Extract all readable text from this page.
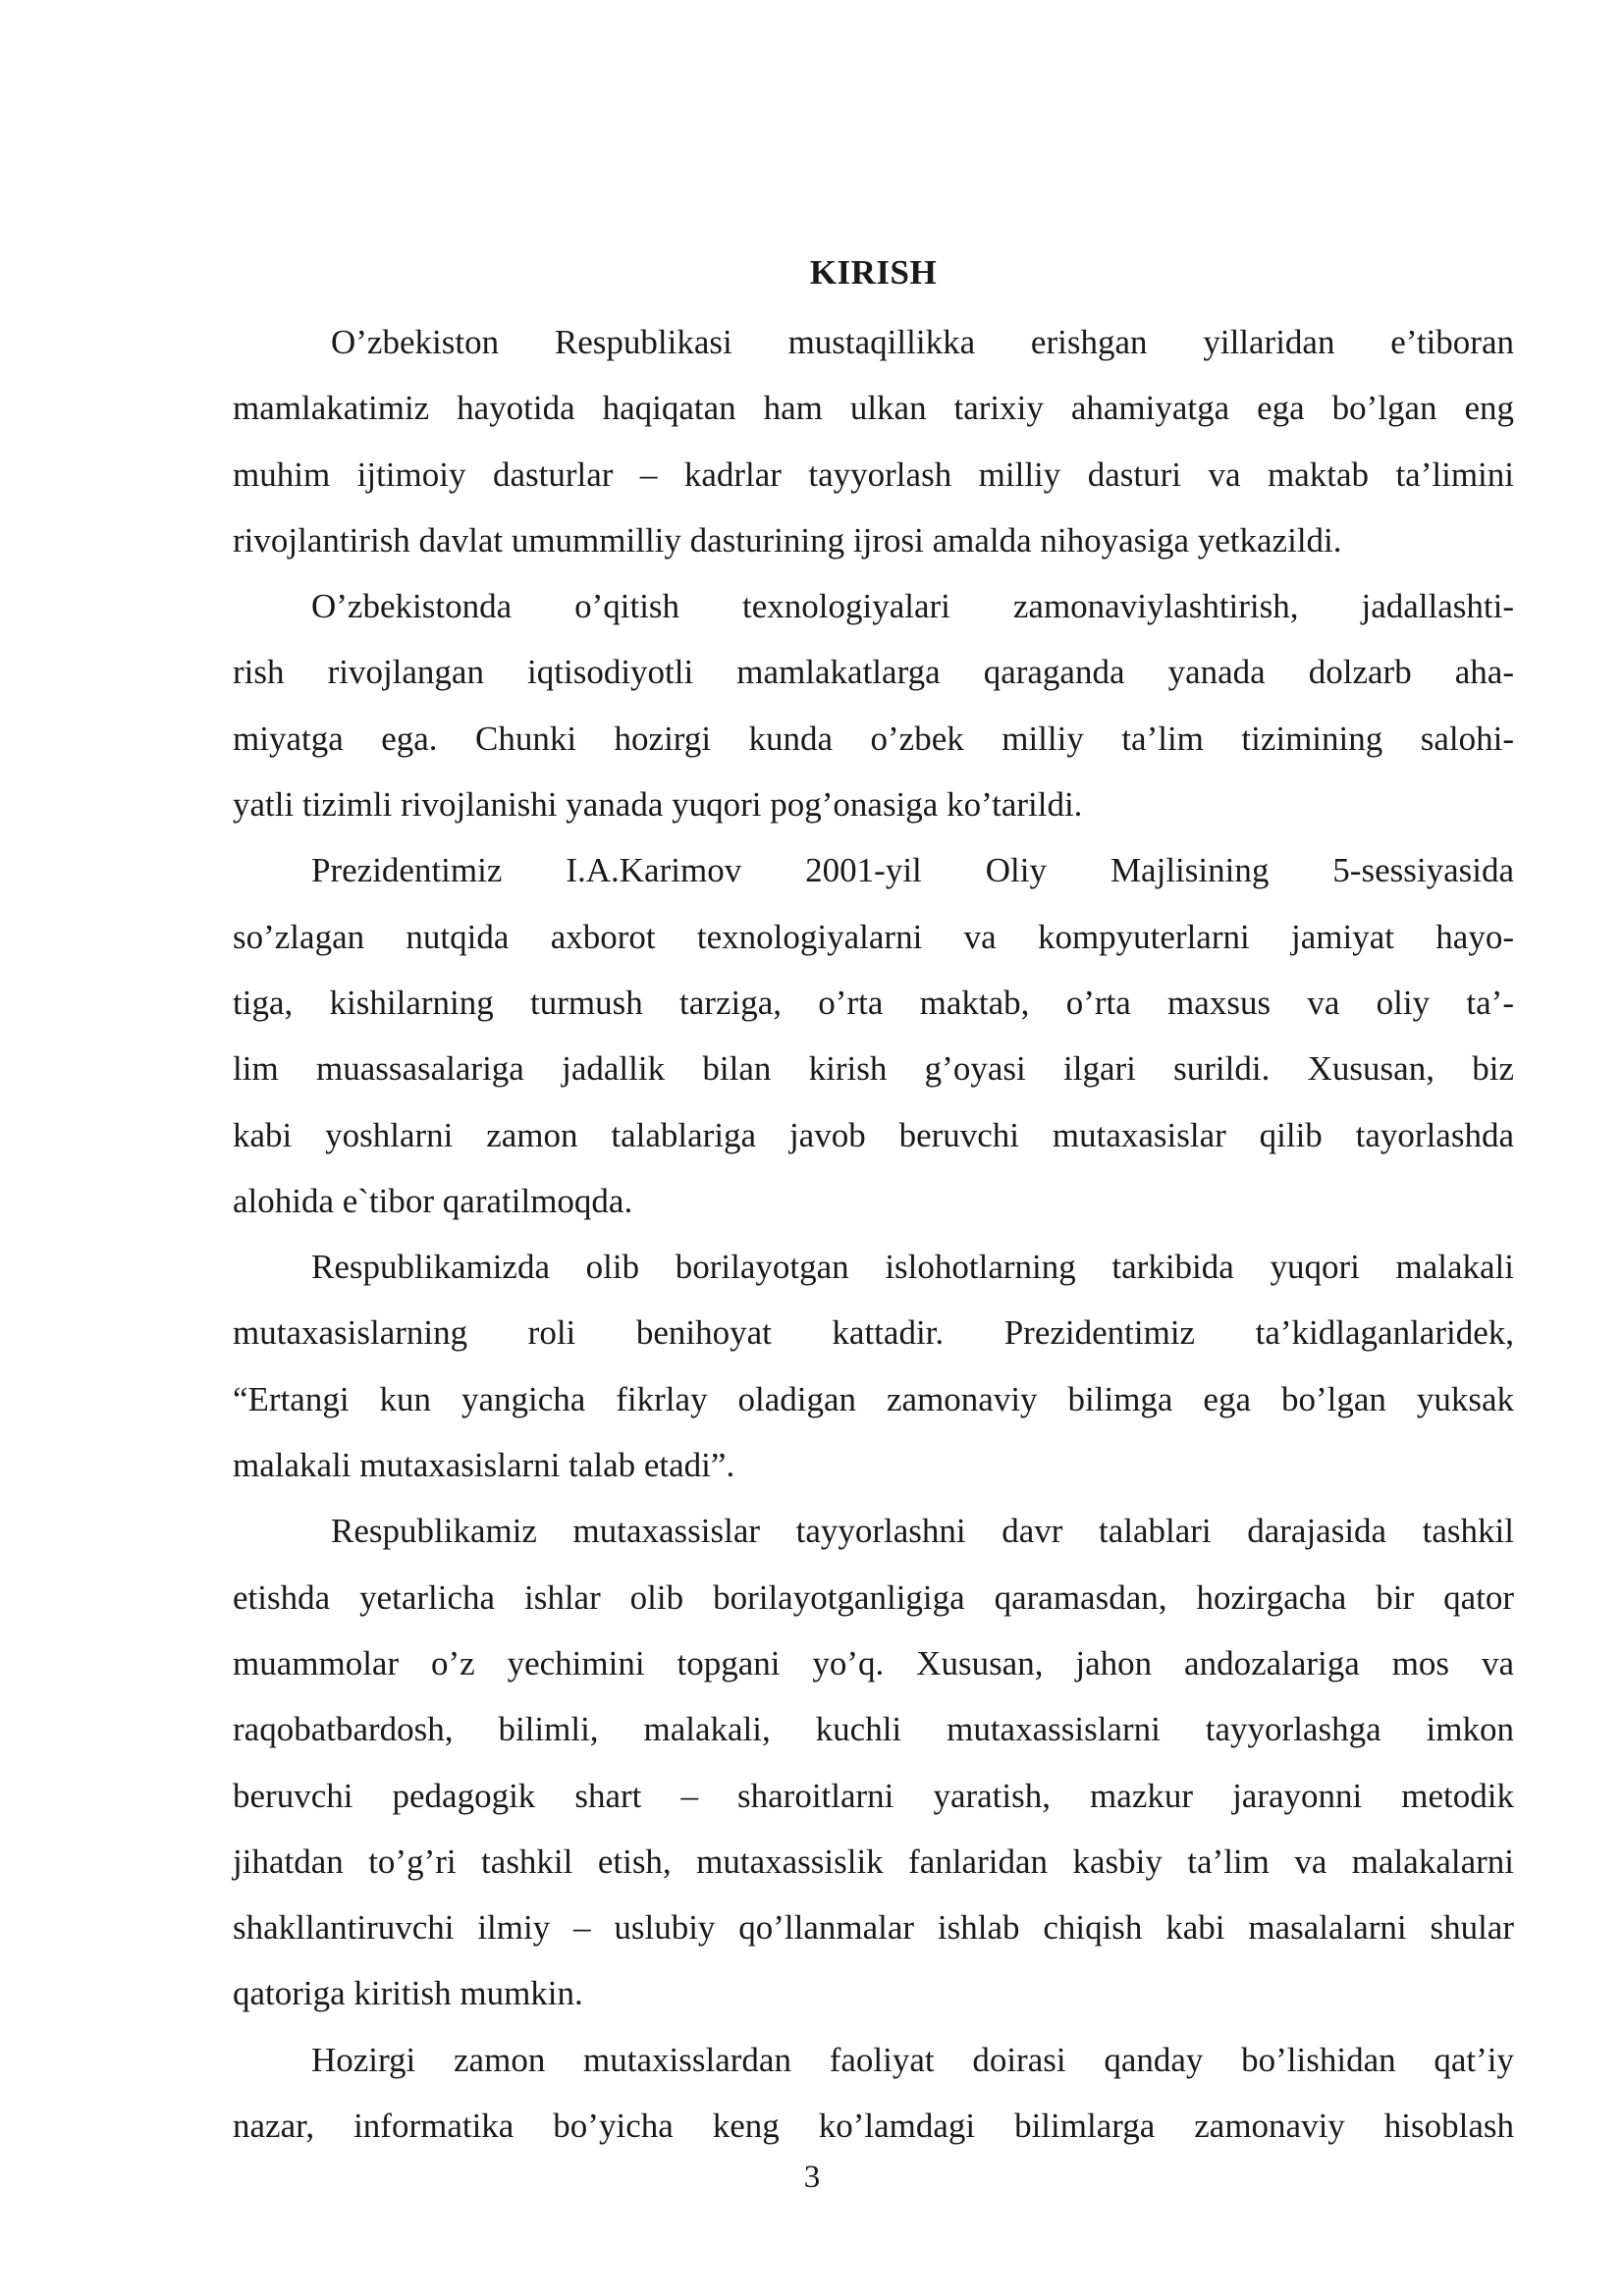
KIRISH
O’zbekiston Respublikasi mustaqillikka erishgan yillaridan e’tiboran
mamlakatimiz hayotida haqiqatan ham ulkan tarixiy ahamiyatga ega bo’lgan eng
muhim ijtimoiy dasturlar – kadrlar tayyorlash milliy dasturi va maktab ta’limini
rivojlantirish davlat umummilliy dasturining ijrosi amalda nihoyasiga yetkazildi.
O’zbekistonda o’qitish texnologiyalari zamonaviylashtirish, jadallashti-
rish rivojlangan iqtisodiyotli mamlakatlarga qaraganda yanada dolzarb aha-
miyatga ega. Chunki hozirgi kunda o’zbek milliy ta’lim tizimining salohi-
yatli tizimli rivojlanishi yanada yuqori pog’onasiga ko’tarildi.
Prezidentimiz I.A.Karimov 2001-yil Oliy Majlisining 5-sessiyasida
so’zlagan nutqida axborot texnologiyalarni va kompyuterlarni jamiyat hayo-
tiga, kishilarning turmush tarziga, o’rta maktab, o’rta maxsus va oliy ta’-
lim muassasalariga jadallik bilan kirish g’oyasi ilgari surildi. Xususan, biz
kabi yoshlarni zamon talablariga javob beruvchi mutaxasislar qilib tayorlashda
alohida e`tibor qaratilmoqda.
Respublikamizda olib borilayotgan islohotlarning tarkibida yuqori malakali
mutaxasislarning roli benihoyat kattadir. Prezidentimiz ta’kidlaganlaridek,
“Ertangi kun yangicha fikrlay oladigan zamonaviy bilimga ega bo’lgan yuksak
malakali mutaxasislarni talab etadi”.
Respublikamiz mutaxassislar tayyorlashni davr talablari darajasida tashkil
etishda yetarlicha ishlar olib borilayotganligiga qaramasdan, hozirgacha bir qator
muammolar o’z yechimini topgani yo’q. Xususan, jahon andozalariga mos va
raqobatbardosh, bilimli, malakali, kuchli mutaxassislarni tayyorlashga imkon
beruvchi pedagogik shart – sharoitlarni yaratish, mazkur jarayonni metodik
jihatdan to’g’ri tashkil etish, mutaxassislik fanlaridan kasbiy ta’lim va malakalarni
shakllantiruvchi ilmiy – uslubiy qo’llanmalar ishlab chiqish kabi masalalarni shular
qatoriga kiritish mumkin.
Hozirgi zamon mutaxisslardan faoliyat doirasi qanday bo’lishidan qat’iy
nazar, informatika bo’yicha keng ko’lamdagi bilimlarga zamonaviy hisoblash
3
